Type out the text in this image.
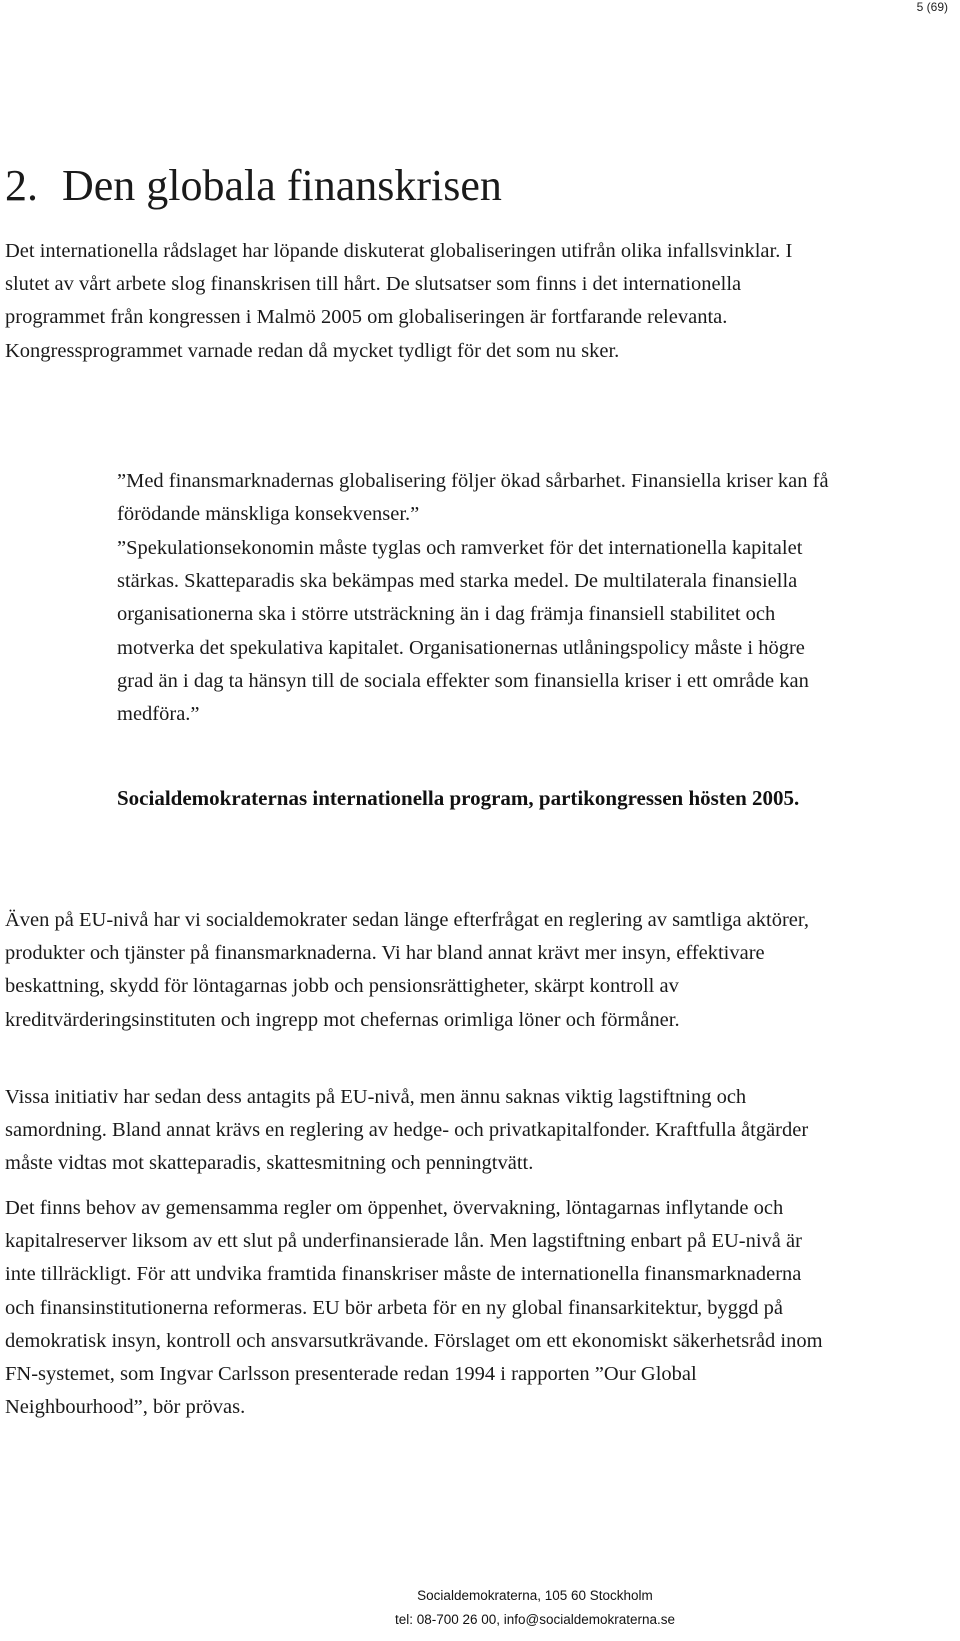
5 (69)
2. Den globala finanskrisen

Det internationella rådslaget har löpande diskuterat globaliseringen utifrån olika infallsvinklar. I slutet av vårt arbete slog finanskrisen till hårt. De slutsatser som finns i det internationella programmet från kongressen i Malmö 2005 om globaliseringen är fortfarande relevanta. Kongressprogrammet varnade redan då mycket tydligt för det som nu sker.

”Med finansmarknadernas globalisering följer ökad sårbarhet. Finansiella kriser kan få förödande mänskliga konsekvenser.”

”Spekulationsekonomin måste tyglas och ramverket för det internationella kapitalet stärkas. Skatteparadis ska bekämpas med starka medel. De multilaterala finansiella organisationerna ska i större utsträckning än i dag främja finansiell stabilitet och motverka det spekulativa kapitalet. Organisationernas utlåningspolicy måste i högre grad än i dag ta hänsyn till de sociala effekter som finansiella kriser i ett område kan medföra.”

Socialdemokraternas internationella program, partikongressen hösten 2005.

Även på EU-nivå har vi socialdemokrater sedan länge efterfrågat en reglering av samtliga aktörer, produkter och tjänster på finansmarknaderna. Vi har bland annat krävt mer insyn, effektivare beskattning, skydd för löntagarnas jobb och pensionsrättigheter, skärpt kontroll av kreditvärderingsinstituten och ingrepp mot chefernas orimliga löner och förmåner.

Vissa initiativ har sedan dess antagits på EU-nivå, men ännu saknas viktig lagstiftning och samordning. Bland annat krävs en reglering av hedge- och privatkapitalfonder. Kraftfulla åtgärder måste vidtas mot skatteparadis, skattesmitning och penningtvätt.

Det finns behov av gemensamma regler om öppenhet, övervakning, löntagarnas inflytande och kapitalreserver liksom av ett slut på underfinansierade lån. Men lagstiftning enbart på EU-nivå är inte tillräckligt. För att undvika framtida finanskriser måste de internationella finansmarknaderna och finansinstitutionerna reformeras. EU bör arbeta för en ny global finansarkitektur, byggd på demokratisk insyn, kontroll och ansvarsutkrävande. Förslaget om ett ekonomiskt säkerhetsråd inom FN-systemet, som Ingvar Carlsson presenterade redan 1994 i rapporten ”Our Global Neighbourhood”, bör prövas.

Socialdemokraterna, 105 60 Stockholm
tel: 08-700 26 00, info@socialdemokraterna.se
